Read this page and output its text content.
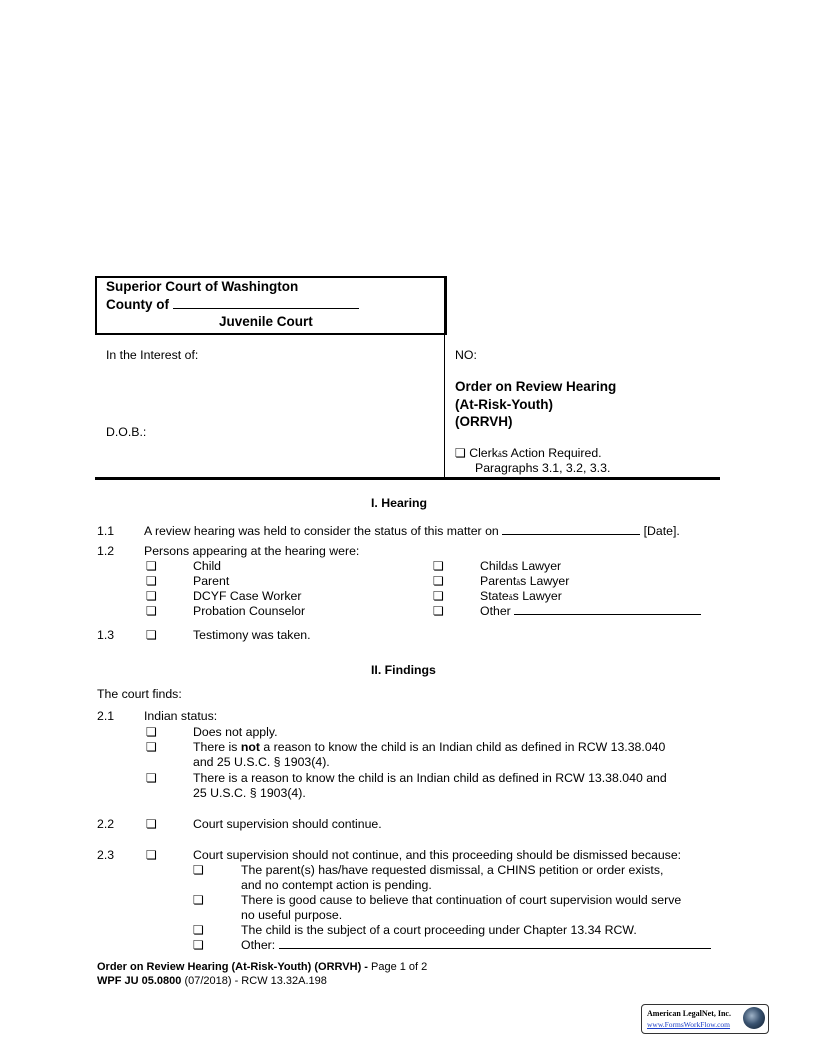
Superior Court of Washington
County of
Juvenile Court
In the Interest of:
D.O.B.:
NO:
Order on Review Hearing
(At-Risk-Youth)
(ORRVH)
❏ Clerkås Action Required.
Paragraphs 3.1, 3.2, 3.3.
I. Hearing
1.1 A review hearing was held to consider the status of this matter on	[Date].
1.2 Persons appearing at the hearing were:
❏	Child
❏	Parent
❏	DCYF Case Worker
❏	Probation Counselor
❏	Childås Lawyer
❏	Parentås Lawyer
❏	Stateås Lawyer
❏	Other
1.3	❏	Testimony was taken.
II. Findings
The court finds:
2.1 Indian status:
❏	Does not apply.
❏	There is not a reason to know the child is an Indian child as defined in RCW 13.38.040
and 25 U.S.C. § 1903(4).
❏	There is a reason to know the child is an Indian child as defined in RCW 13.38.040 and
25 U.S.C. § 1903(4).
2.2	❏	Court supervision should continue.
2.3	❏	Court supervision should not continue, and this proceeding should be dismissed because:
❏	The parent(s) has/have requested dismissal, a CHINS petition or order exists,
and no contempt action is pending.
❏	There is good cause to believe that continuation of court supervision would serve
no useful purpose.
❏	The child is the subject of a court proceeding under Chapter 13.34 RCW.
❏	Other:
Order on Review Hearing (At-Risk-Youth) (ORRVH) - Page 1 of 2
WPF JU 05.0800 (07/2018) - RCW 13.32A.198
American LegalNet, Inc.
www.FormsWorkFlow.com
